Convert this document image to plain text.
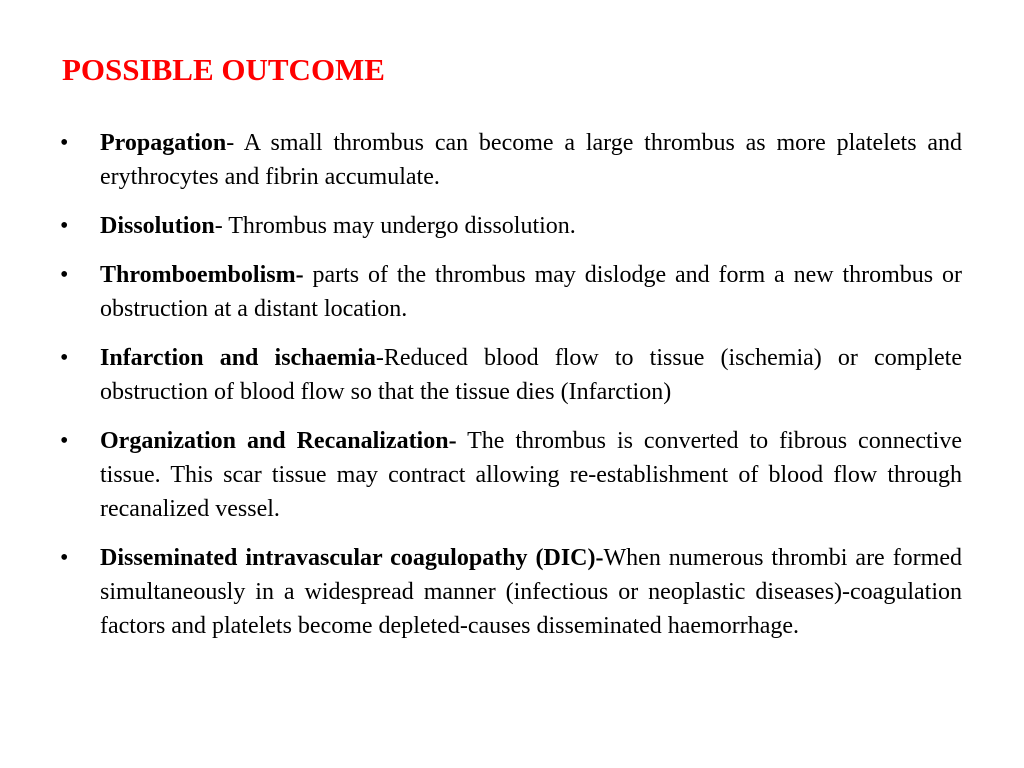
POSSIBLE OUTCOME
• Propagation- A small thrombus can become a large thrombus as more platelets and erythrocytes and fibrin accumulate.
• Dissolution- Thrombus may undergo dissolution.
• Thromboembolism- parts of the thrombus may dislodge and form a new thrombus or obstruction at a distant location.
• Infarction and ischaemia-Reduced blood flow to tissue (ischemia) or complete obstruction of blood flow so that the tissue dies (Infarction)
• Organization and Recanalization- The thrombus is converted to fibrous connective tissue. This scar tissue may contract allowing re-establishment of blood flow through recanalized vessel.
• Disseminated intravascular coagulopathy (DIC)-When numerous thrombi are formed simultaneously in a widespread manner (infectious or neoplastic diseases)-coagulation factors and platelets become depleted-causes disseminated haemorrhage.
